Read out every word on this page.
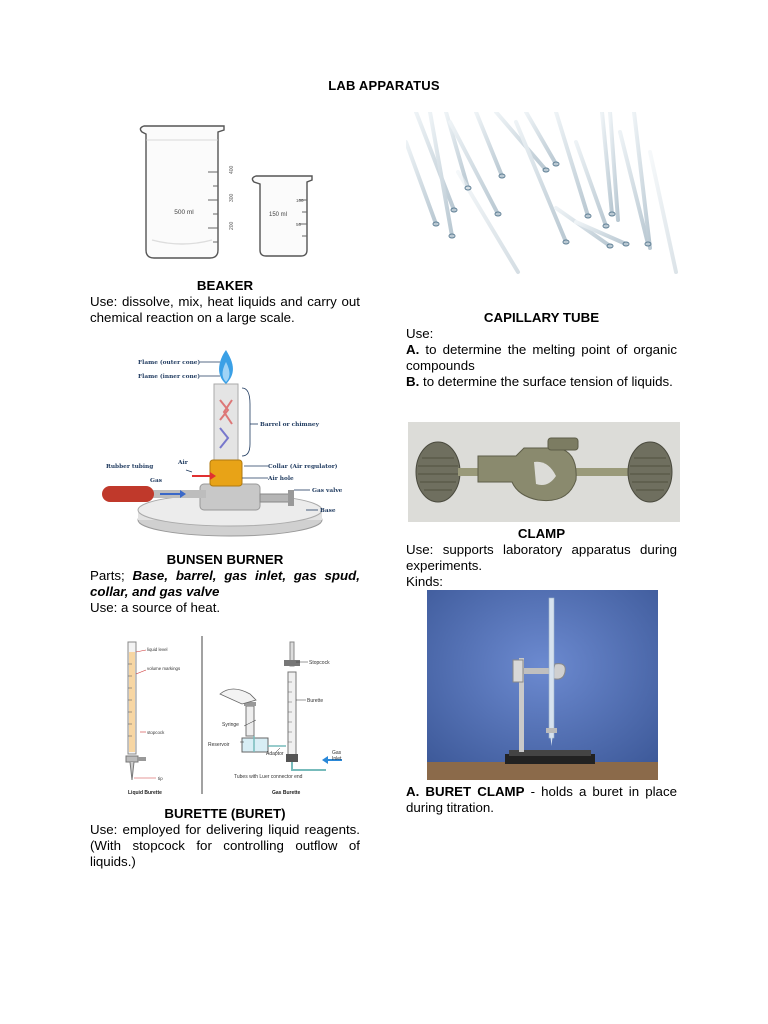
LAB APPARATUS
500 ml	150 ml
400
300
200
100
50
BEAKER
Use: dissolve, mix, heat liquids and carry out chemical reaction on a large scale.
Flame (outer cone)
Flame (inner cone)
Barrel or chimney
Air
Collar (Air regulator)
Air hole
Rubber tubing
Gas
Gas valve
Base
BUNSEN BURNER
Parts; Base, barrel, gas inlet, gas spud, collar, and gas valve
Use: a source of heat.
liquid level
volume markings
stopcock
tip
Liquid Burette
Stopcock
Burette
Syringe
Reservoir
Adaptor	Gas
Inlet
Tubes with Luer connector end
Gas Burette
BURETTE (BURET)
Use: employed for delivering liquid reagents. (With stopcock for controlling outflow of liquids.)
CAPILLARY TUBE
Use:
A. to determine the melting point of organic compounds
B. to determine the surface tension of liquids.
CLAMP
Use: supports laboratory apparatus during experiments.
Kinds:
A. BURET CLAMP - holds a buret in place during titration.
